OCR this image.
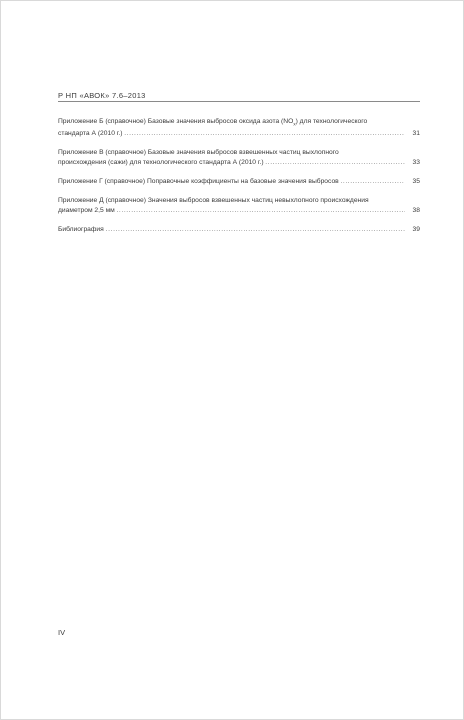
Р НП «АВОК» 7.6–2013
Приложение Б (справочное) Базовые значения выбросов оксида азота $(NO_х)$ для технологического
стандарта А (2010 г.) .....	31
Приложение В (справочное) Базовые значения выбросов взвешенных частиц выхлопного
происхождения (сажи) для технологического стандарта А (2010 г.) .....	33
Приложение Г (справочное) Поправочные коэффициенты на базовые значения выбросов .....	35
Приложение Д (справочное) Значения выбросов взвешенных частиц невыхлопного происхождения
диаметром 2,5 мм .....	38
Библиография .....	39
IV
